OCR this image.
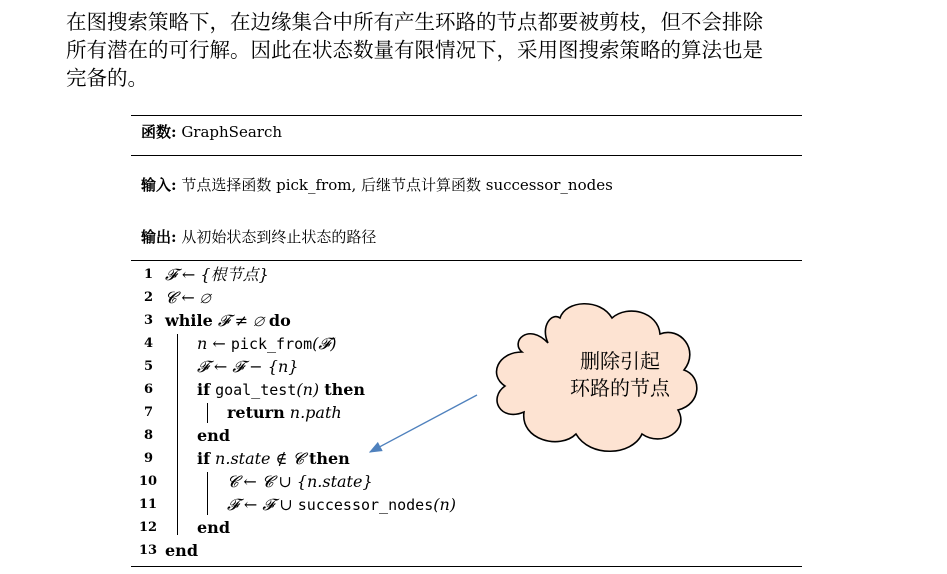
在图搜索策略下，在边缘集合中所有产生环路的节点都要被剪枝，但不会排除
所有潜在的可行解。因此在状态数量有限情况下，采用图搜索策略的算法也是
完备的。
函数: GraphSearch
输入: 节点选择函数 pick_from, 后继节点计算函数 successor_nodes
输出: 从初始状态到终止状态的路径
1 𝓕 ← {根节点}
2 𝓒 ← ∅
3 while 𝓕 ≠ ∅ do
4	n ← pick_from(𝓕)
5	𝓕 ← 𝓕 − {n}
6	if goal_test(n) then
7	return n.path
8	end
9	if n.state ∉ 𝓒 then
10	𝓒 ← 𝓒 ∪ {n.state}
11	𝓕 ← 𝓕 ∪ successor_nodes(n)
12 end
13 end
删除引起
环路的节点
